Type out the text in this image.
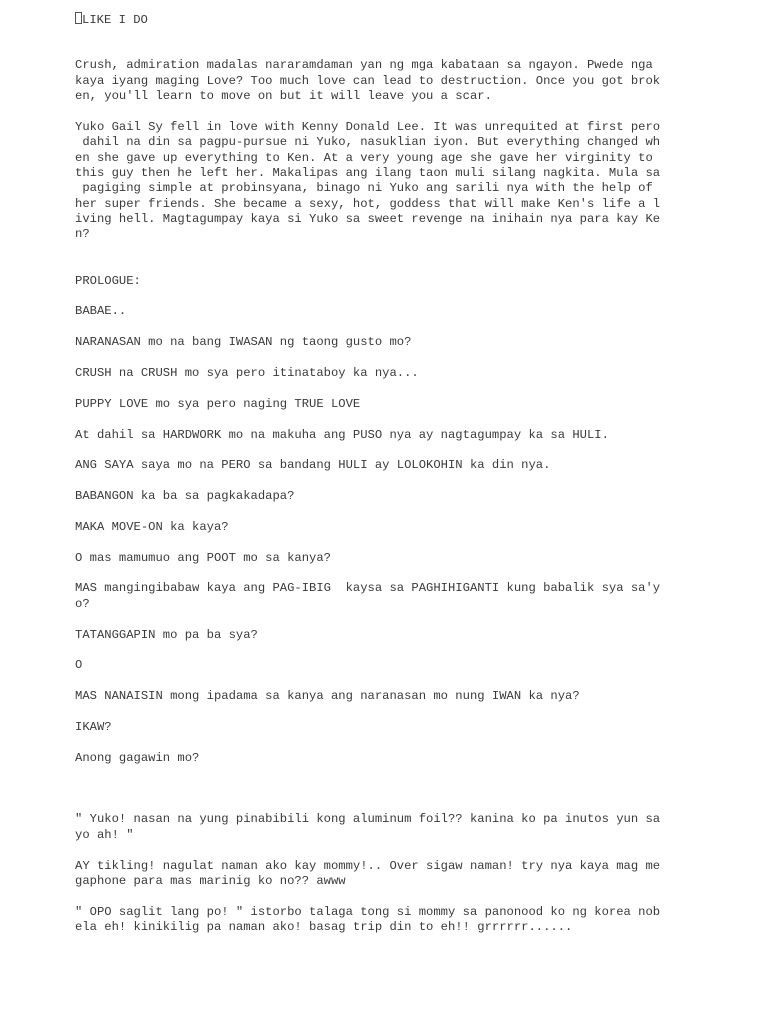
LIKE I DO
Crush, admiration madalas nararamdaman yan ng mga kabataan sa ngayon. Pwede nga
kaya iyang maging Love? Too much love can lead to destruction. Once you got brok
en, you'll learn to move on but it will leave you a scar.
Yuko Gail Sy fell in love with Kenny Donald Lee. It was unrequited at first pero
dahil na din sa pagpu-pursue ni Yuko, nasuklian iyon. But everything changed wh
en she gave up everything to Ken. At a very young age she gave her virginity to
this guy then he left her. Makalipas ang ilang taon muli silang nagkita. Mula sa
pagiging simple at probinsyana, binago ni Yuko ang sarili nya with the help of
her super friends. She became a sexy, hot, goddess that will make Ken's life a l
iving hell. Magtagumpay kaya si Yuko sa sweet revenge na inihain nya para kay Ke
n?
PROLOGUE:
BABAE..
NARANASAN mo na bang IWASAN ng taong gusto mo?
CRUSH na CRUSH mo sya pero itinataboy ka nya...
PUPPY LOVE mo sya pero naging TRUE LOVE
At dahil sa HARDWORK mo na makuha ang PUSO nya ay nagtagumpay ka sa HULI.
ANG SAYA saya mo na PERO sa bandang HULI ay LOLOKOHIN ka din nya.
BABANGON ka ba sa pagkakadapa?
MAKA MOVE-ON ka kaya?
O mas mamumuo ang POOT mo sa kanya?
MAS mangingibabaw kaya ang PAG-IBIG  kaysa sa PAGHIHIGANTI kung babalik sya sa'y
o?
TATANGGAPIN mo pa ba sya?
O
MAS NANAISIN mong ipadama sa kanya ang naranasan mo nung IWAN ka nya?
IKAW?
Anong gagawin mo?
" Yuko! nasan na yung pinabibili kong aluminum foil?? kanina ko pa inutos yun sa
yo ah! "
AY tikling! nagulat naman ako kay mommy!.. Over sigaw naman! try nya kaya mag me
gaphone para mas marinig ko no?? awww
" OPO saglit lang po! " istorbo talaga tong si mommy sa panonood ko ng korea nob
ela eh! kinikilig pa naman ako! basag trip din to eh!! grrrrrr......
